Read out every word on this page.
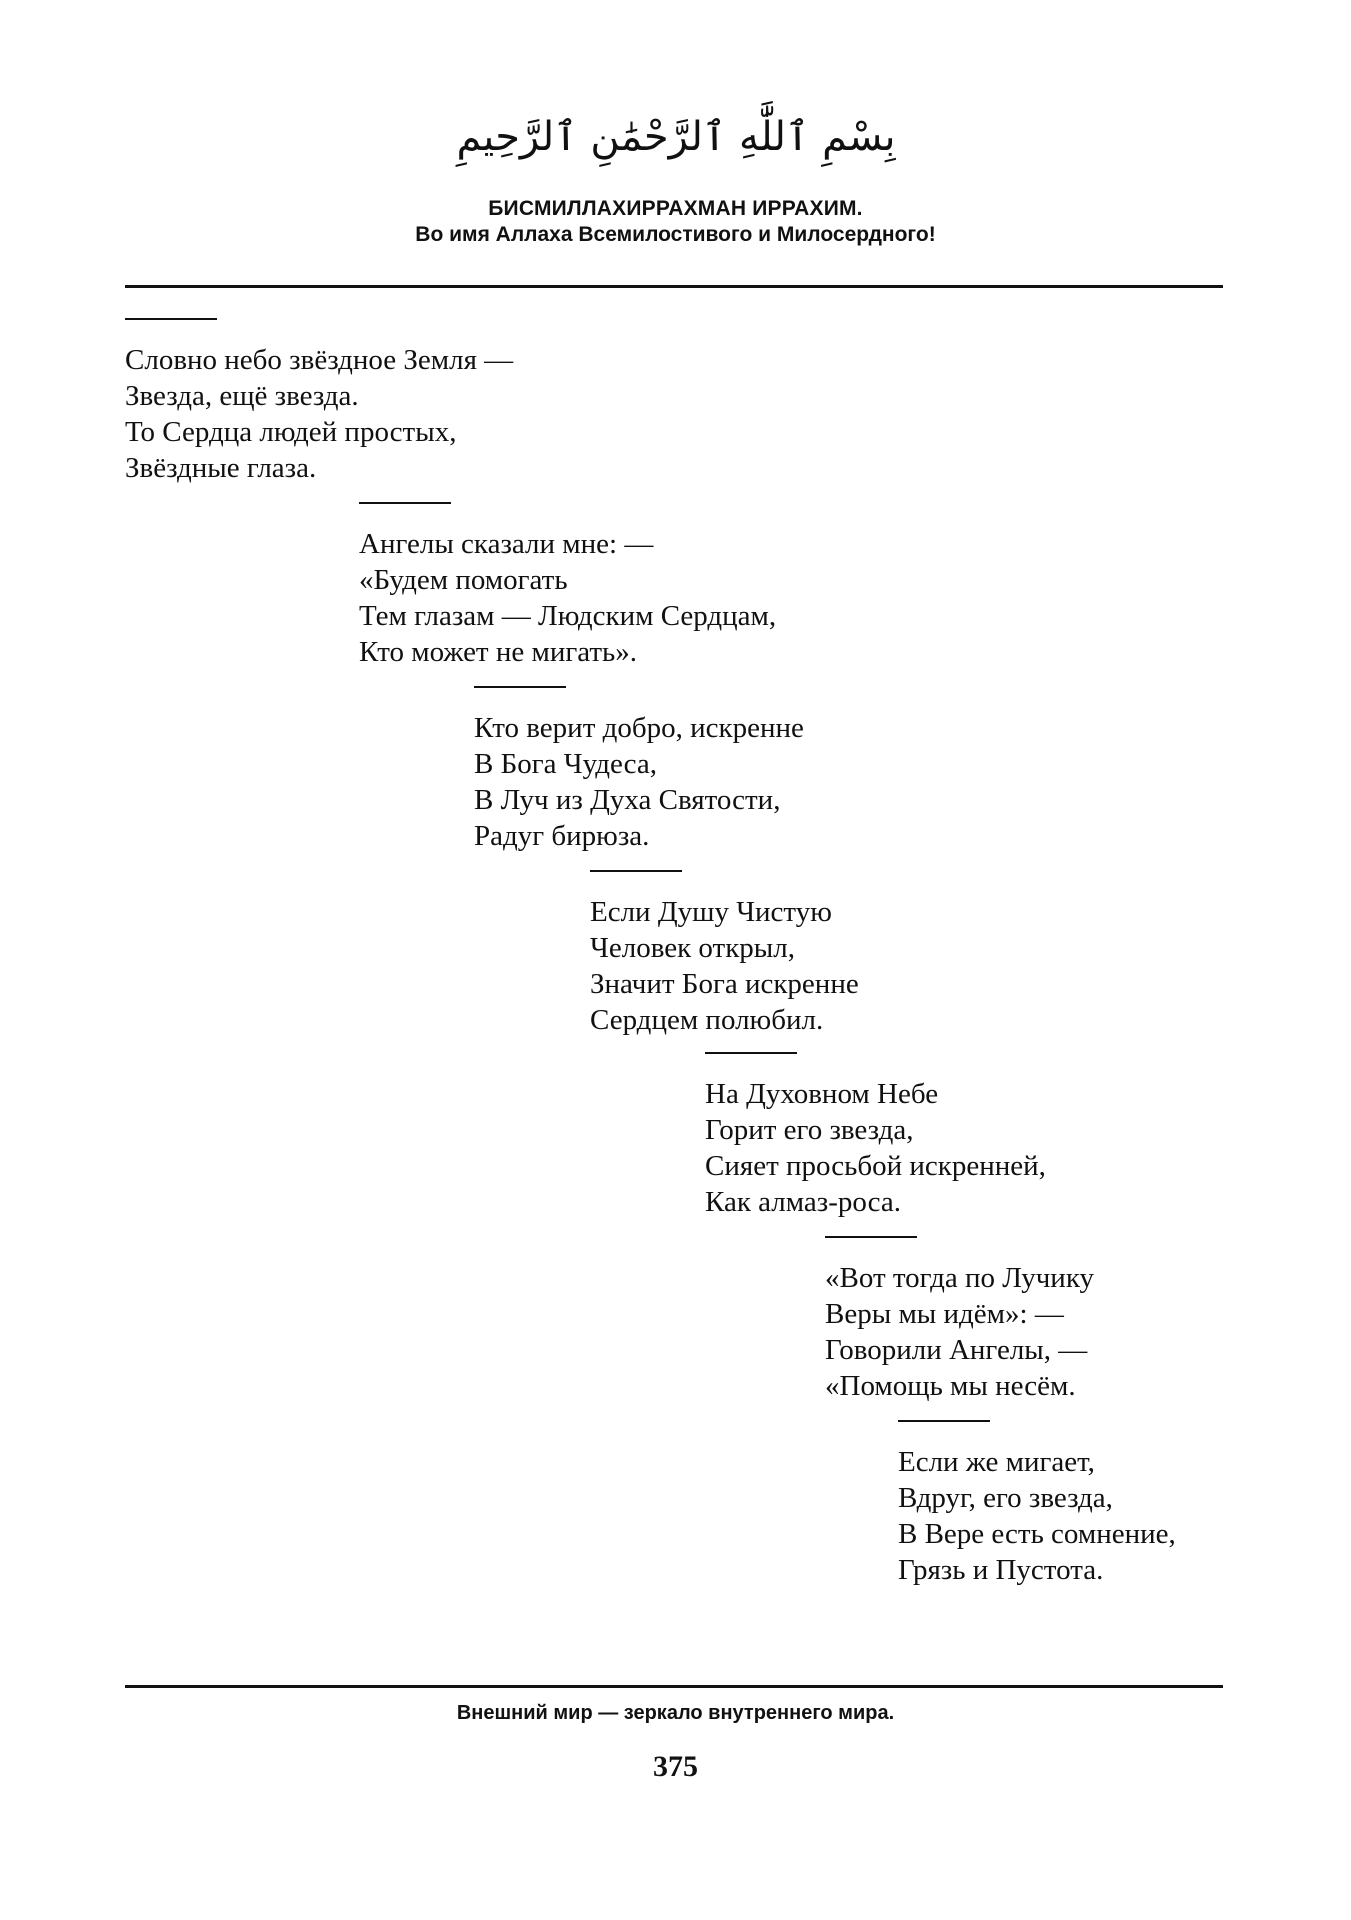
بِسْمِ ٱللَّٰهِ ٱلرَّحْمَٰنِ ٱلرَّحِيمِ
БИСМИЛЛАХИРРАХМАН ИРРАХИМ.
Во имя Аллаха Всемилостивого и Милосердного!
Словно небо звёздное Земля —
Звезда, ещё звезда.
То Сердца людей простых,
Звёздные глаза.
Ангелы сказали мне: —
«Будем помогать
Тем глазам — Людским Сердцам,
Кто может не мигать».
Кто верит добро, искренне
В Бога Чудеса,
В Луч из Духа Святости,
Радуг бирюза.
Если Душу Чистую
Человек открыл,
Значит Бога искренне
Сердцем полюбил.
На Духовном Небе
Горит его звезда,
Сияет просьбой искренней,
Как алмаз-роса.
«Вот тогда по Лучику
Веры мы идём»: —
Говорили Ангелы, —
«Помощь мы несём.
Если же мигает,
Вдруг, его звезда,
В Вере есть сомнение,
Грязь и Пустота.
Внешний мир — зеркало внутреннего мира.
375
